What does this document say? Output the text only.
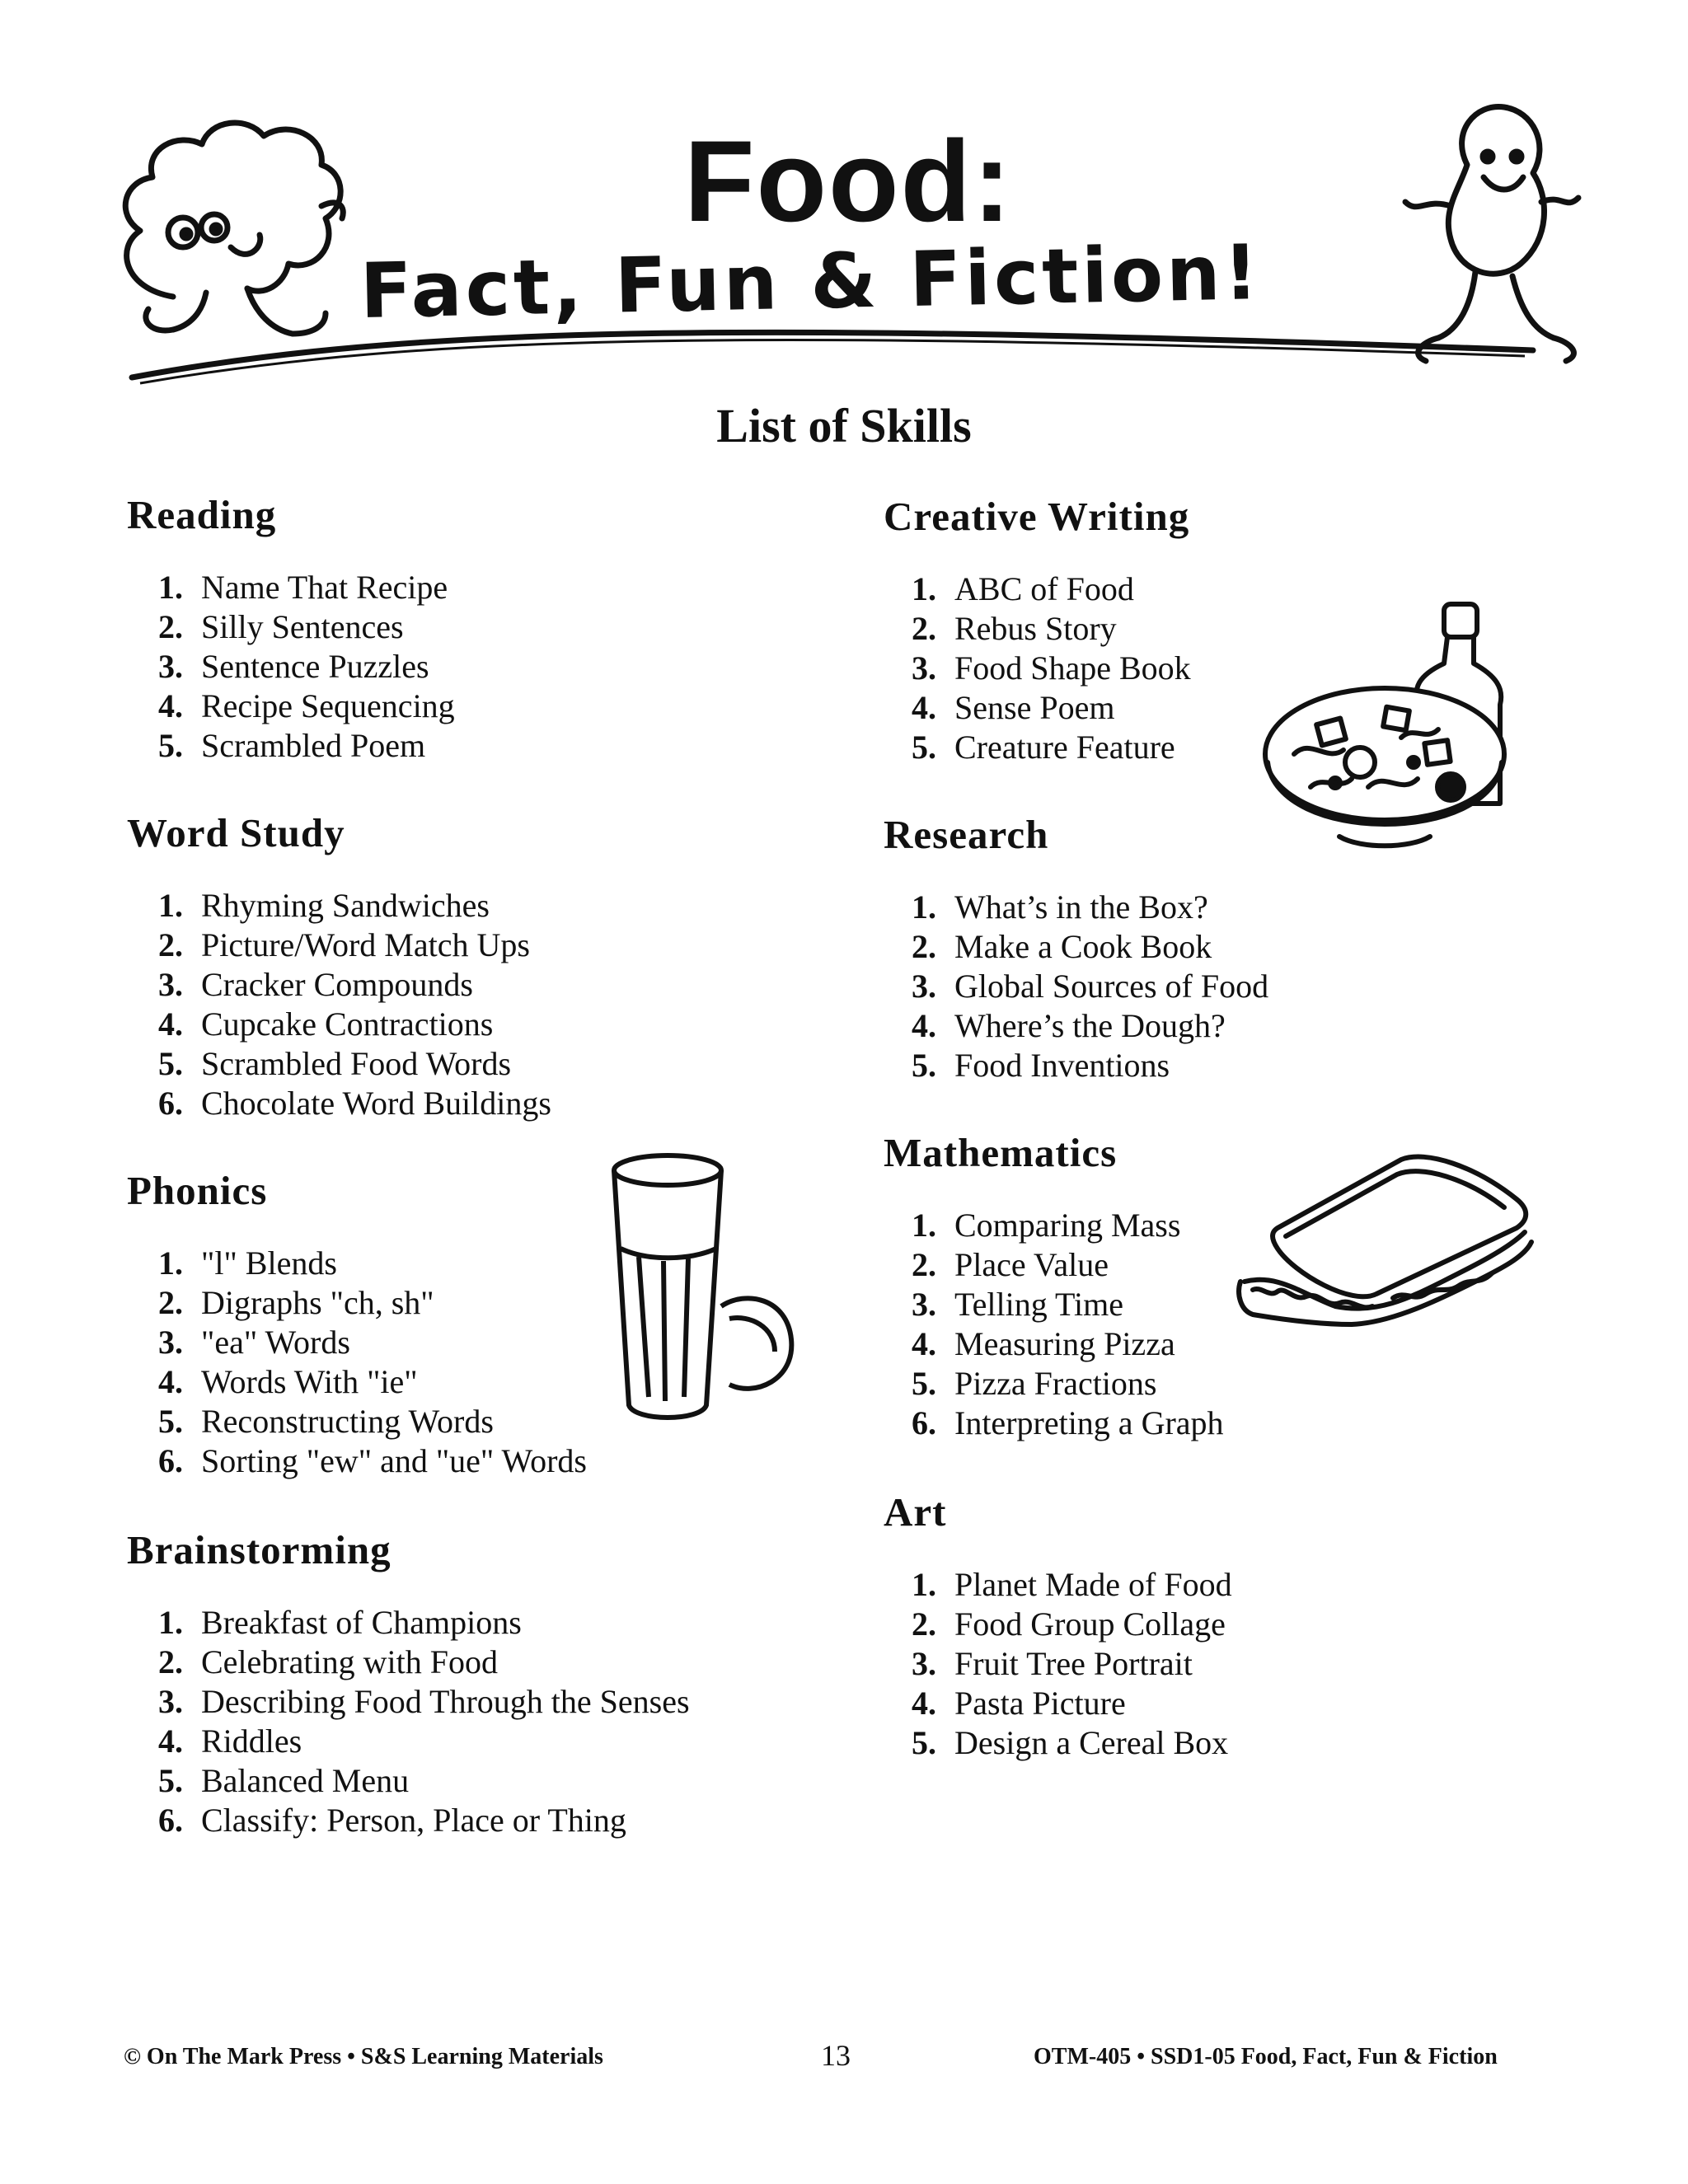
Food:
Fact, Fun & Fiction!
List of Skills
Reading
1. Name That Recipe
2. Silly Sentences
3. Sentence Puzzles
4. Recipe Sequencing
5. Scrambled Poem
Word Study
1. Rhyming Sandwiches
2. Picture/Word Match Ups
3. Cracker Compounds
4. Cupcake Contractions
5. Scrambled Food Words
6. Chocolate Word Buildings
Phonics
1. "l" Blends
2. Digraphs "ch, sh"
3. "ea" Words
4. Words With "ie"
5. Reconstructing Words
6. Sorting "ew" and "ue" Words
Brainstorming
1. Breakfast of Champions
2. Celebrating with Food
3. Describing Food Through the Senses
4. Riddles
5. Balanced Menu
6. Classify: Person, Place or Thing
Creative Writing
1. ABC of Food
2. Rebus Story
3. Food Shape Book
4. Sense Poem
5. Creature Feature
Research
1. What’s in the Box?
2. Make a Cook Book
3. Global Sources of Food
4. Where’s the Dough?
5. Food Inventions
Mathematics
1. Comparing Mass
2. Place Value
3. Telling Time
4. Measuring Pizza
5. Pizza Fractions
6. Interpreting a Graph
Art
1. Planet Made of Food
2. Food Group Collage
3. Fruit Tree Portrait
4. Pasta Picture
5. Design a Cereal Box
© On The Mark Press • S&S Learning Materials	13	OTM-405 • SSD1-05 Food, Fact, Fun & Fiction
